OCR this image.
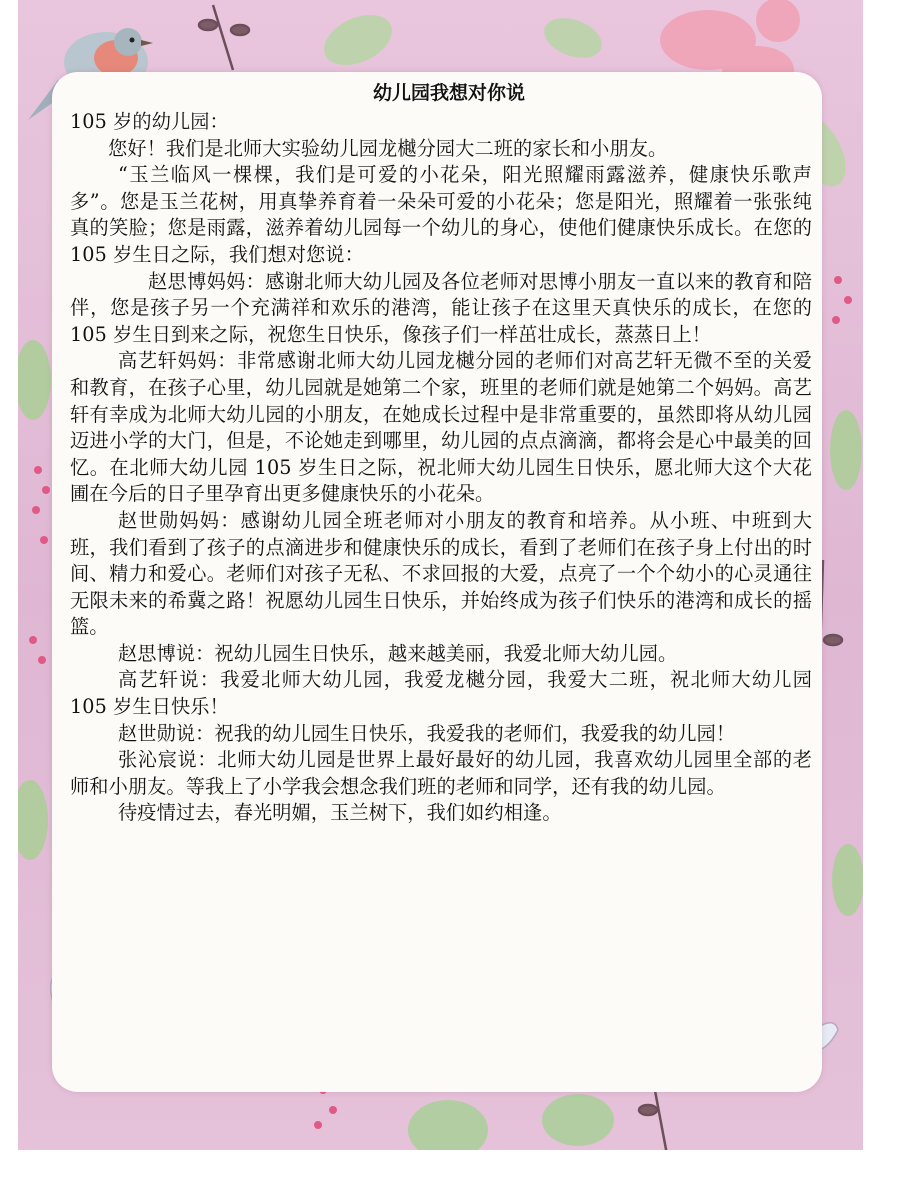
幼儿园我想对你说

105 岁的幼儿园：

您好！我们是北师大实验幼儿园龙樾分园大二班的家长和小朋友。

“玉兰临风一棵棵，我们是可爱的小花朵，阳光照耀雨露滋养，健康快乐歌声多”。您是玉兰花树，用真挚养育着一朵朵可爱的小花朵；您是阳光，照耀着一张张纯真的笑脸；您是雨露，滋养着幼儿园每一个幼儿的身心，使他们健康快乐成长。在您的 105 岁生日之际，我们想对您说：

赵思博妈妈：感谢北师大幼儿园及各位老师对思博小朋友一直以来的教育和陪伴，您是孩子另一个充满祥和欢乐的港湾，能让孩子在这里天真快乐的成长，在您的 105 岁生日到来之际，祝您生日快乐，像孩子们一样茁壮成长，蒸蒸日上！

高艺轩妈妈：非常感谢北师大幼儿园龙樾分园的老师们对高艺轩无微不至的关爱和教育，在孩子心里，幼儿园就是她第二个家，班里的老师们就是她第二个妈妈。高艺轩有幸成为北师大幼儿园的小朋友，在她成长过程中是非常重要的，虽然即将从幼儿园迈进小学的大门，但是，不论她走到哪里，幼儿园的点点滴滴，都将会是心中最美的回忆。在北师大幼儿园 105 岁生日之际，祝北师大幼儿园生日快乐，愿北师大这个大花圃在今后的日子里孕育出更多健康快乐的小花朵。

赵世勋妈妈：感谢幼儿园全班老师对小朋友的教育和培养。从小班、中班到大班，我们看到了孩子的点滴进步和健康快乐的成长，看到了老师们在孩子身上付出的时间、精力和爱心。老师们对孩子无私、不求回报的大爱，点亮了一个个幼小的心灵通往无限未来的希冀之路！祝愿幼儿园生日快乐，并始终成为孩子们快乐的港湾和成长的摇篮。

赵思博说：祝幼儿园生日快乐，越来越美丽，我爱北师大幼儿园。

高艺轩说：我爱北师大幼儿园，我爱龙樾分园，我爱大二班，祝北师大幼儿园 105 岁生日快乐！

赵世勋说：祝我的幼儿园生日快乐，我爱我的老师们，我爱我的幼儿园！

张沁宸说：北师大幼儿园是世界上最好最好的幼儿园，我喜欢幼儿园里全部的老师和小朋友。等我上了小学我会想念我们班的老师和同学，还有我的幼儿园。

待疫情过去，春光明媚，玉兰树下，我们如约相逢。
